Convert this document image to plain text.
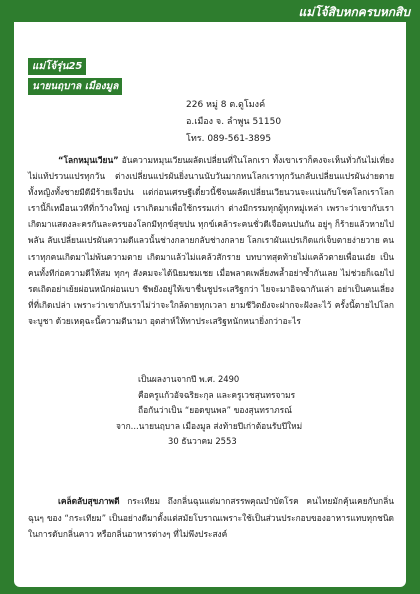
แม่โจ้สิบหกครบหกสิบ
แม่โจ้รุ่น25
นายนฤบาล เมืองมูล
226 หมู่ 8 ต.ดูโมงค์
อ.เมือง จ. ลำพูน 51150
โทร. 089-561-3895

“โลกหมุนเวียน” อันความหมุนเวียนผลัดเปลี่ยนที่ในโลกเรา ทั้งเขาเราก็คงจะเห็นทั่วกันไม่เที่ยงไม่แท้ปรวนแปรทุกวัน ต่างเปลี่ยนแปรผันยิ่งนานนับวันมากหนโลกเราทุกวันกลับเปลี่ยนแปรผันง่ายดาย ทั้งหญิงทั้งชายมีดีมีร้ายเจือปน แต่ก่อนเศรษฐีเดี๋ยวนี้ชีจนผลัดเปลี่ยนเวียนวนจะแน่นกับโชคโลกเราโลกเรานี้ก็เหมือนเวทีที่กว้างใหญ่ เราเกิดมาเพื่อใช้กรรมเก่า ต่างมีกรรมทุกผู้ทุกหมู่เหล่า เพราะว่าเขากับเราเกิดมาแสดงละครกันละครของโลกมีทุกข์สุขปน ทุกข์เคล้าระคนชั่วดีเจือคนปนกัน อยู่ๆ ก็ร้ายแล้วหายไปพลัน ลับเปลี่ยนแปรผันความดีแลวนั้นช่างกลายกลับช่างกลาย โลกเราผันแปรเกิดแก่เจ็บตายง่ายวาย คนเราทุกคนเกิดมาไม่พ้นความตาย เกิดมาแล้วไม่แคล้วสักราย บทบาทสุดท้ายไม่แคล้วตายเพื่อนเอ๋ย เป็นคนทั้งทีก่อความดีให้สม ทุกๆ สังคมจะได้นิยมชมเชย เมื่อพลาดเพลี่ยงพล้ำอย่าซ้ำกันเลย ไม่ช่วยก็เฉยไปรดเถิดอย่าเย้ยผ่อนหนักผ่อนเบา ชีพยังอยู่ให้เขาชื่นชูประเสริฐกว่า ไยจะมาอิจฉากันเล่า อย่าเป็นคนเลี่ยงที่ที่เกิดเปล่า เพราะว่าเขากับเราไม่ว่าจะใกล้ตายทุกเวลา ยามชีวิตยังจะฝากจะฝังละไว้ ครั้งนี้ตายไปโลกจะบูชา ด้วยเหตุฉะนี้ความตีนามา อุตส่าห์ให้ทาประเสริฐหนักหนายิ่งกว่าอะไร

เป็นผลงานจากปี พ.ศ. 2490
คือครูแก้วอัจฉริยะกุล และครูเวชสุนทรจามร
ถือกันว่าเป็น “ยอดขุนพล” ของสุนทราภรณ์
จาก...นายนฤบาล เมืองมูล ส่งท้ายปีเก่าต้อนรับปีใหม่
30 ธันวาคม 2553

เคล็ดลับสุขภาพดี กระเทียม ถึงกลิ่นฉุนแต่มากสรรพคุณบำบัดโรค คนไทยมักคุ้นเคยกับกลิ่นฉุนๆ ของ “กระเทียม” เป็นอย่างดีมาตั้งแต่สมัยโบราณเพราะใช้เป็นส่วนประกอบของอาหารแทบทุกชนิดในการดับกลิ่นคาว หรือกลิ่นอาหารต่างๆ ที่ไม่พึงประสงค์

436
